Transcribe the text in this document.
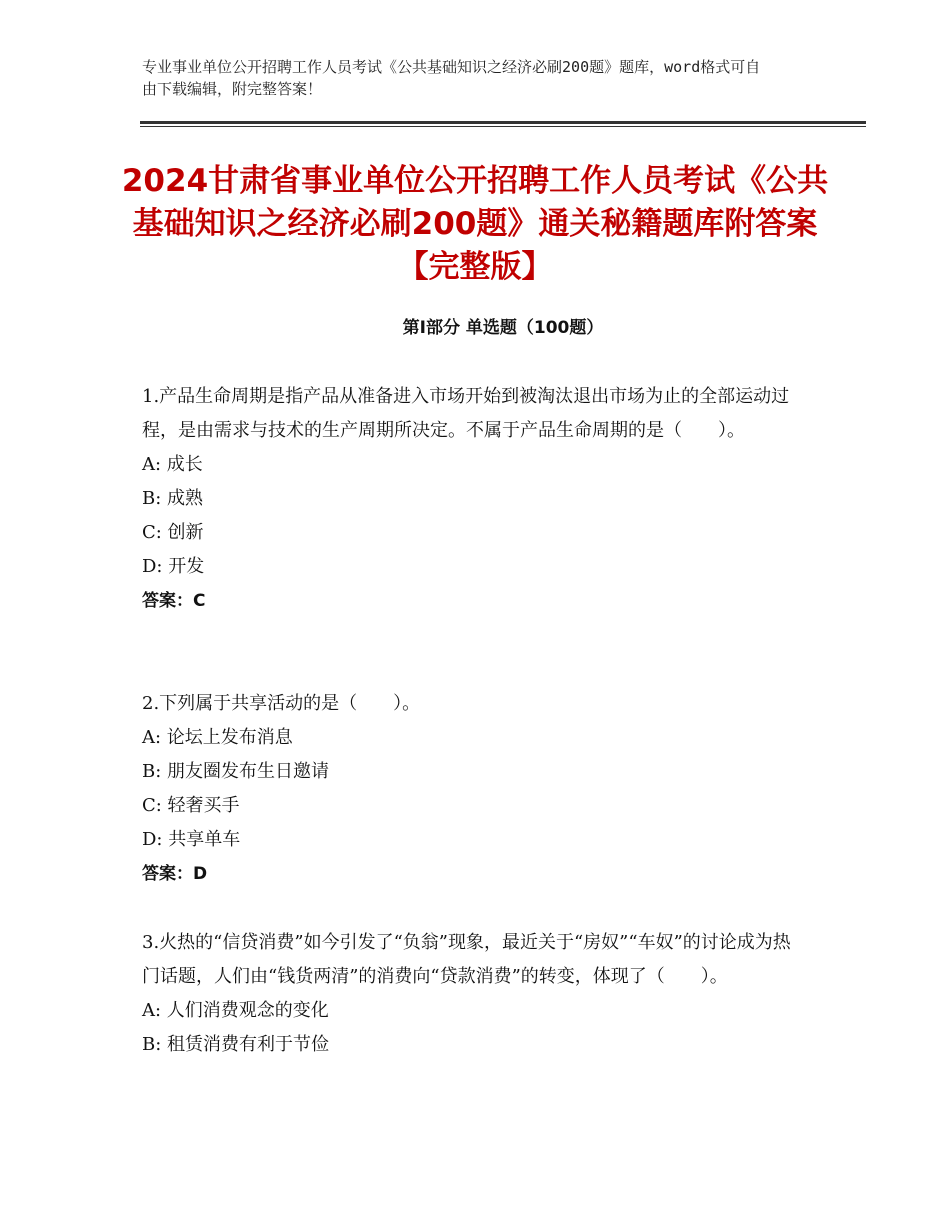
专业事业单位公开招聘工作人员考试《公共基础知识之经济必刷200题》题库，word格式可自由下载编辑，附完整答案！
2024甘肃省事业单位公开招聘工作人员考试《公共基础知识之经济必刷200题》通关秘籍题库附答案【完整版】
第Ⅰ部分 单选题（100题）
1.产品生命周期是指产品从准备进入市场开始到被淘汰退出市场为止的全部运动过程，是由需求与技术的生产周期所决定。不属于产品生命周期的是（　　）。
A: 成长
B: 成熟
C: 创新
D: 开发
答案：C
2.下列属于共享活动的是（　　）。
A: 论坛上发布消息
B: 朋友圈发布生日邀请
C: 轻奢买手
D: 共享单车
答案：D
3.火热的“信贷消费”如今引发了“负翁”现象，最近关于“房奴”“车奴”的讨论成为热门话题，人们由“钱货两清”的消费向“贷款消费”的转变，体现了（　　）。
A: 人们消费观念的变化
B: 租赁消费有利于节俭
